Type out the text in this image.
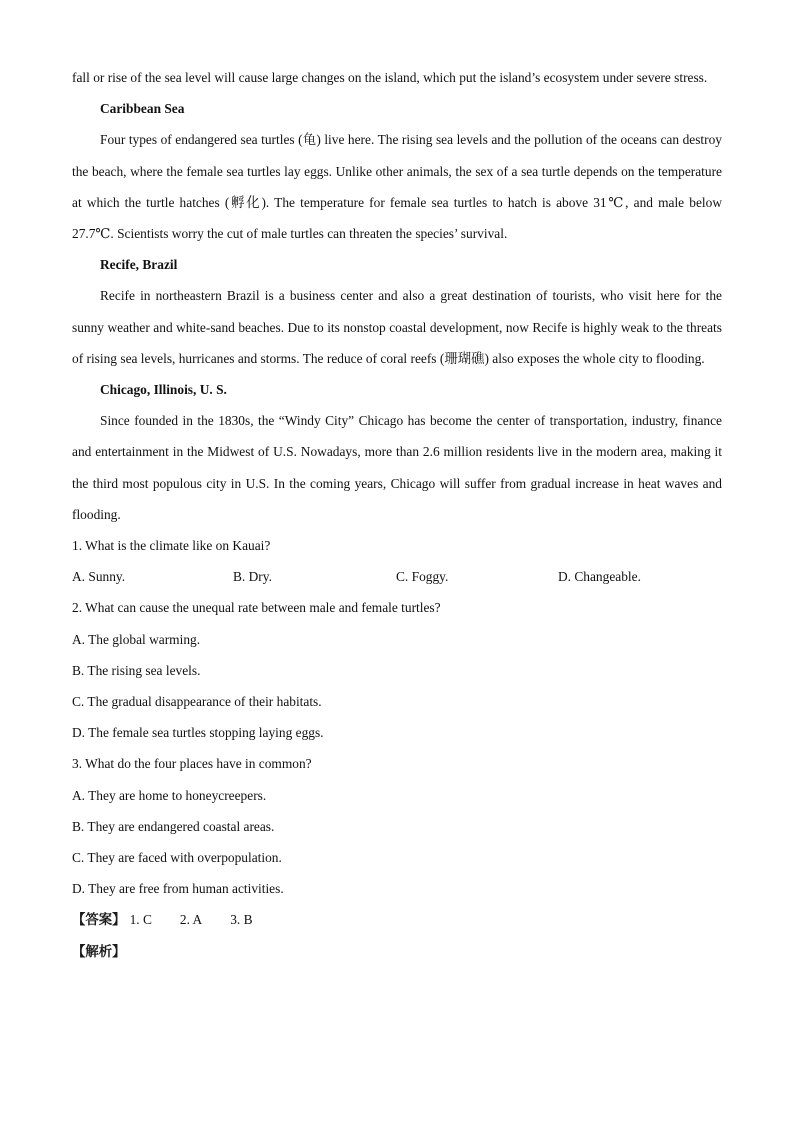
fall or rise of the sea level will cause large changes on the island, which put the island’s ecosystem under severe stress.

Caribbean Sea

Four types of endangered sea turtles (龟) live here. The rising sea levels and the pollution of the oceans can destroy the beach, where the female sea turtles lay eggs. Unlike other animals, the sex of a sea turtle depends on the temperature at which the turtle hatches (孵化). The temperature for female sea turtles to hatch is above 31℃, and male below 27.7℃. Scientists worry the cut of male turtles can threaten the species’ survival.

Recife, Brazil

Recife in northeastern Brazil is a business center and also a great destination of tourists, who visit here for the sunny weather and white-sand beaches. Due to its nonstop coastal development, now Recife is highly weak to the threats of rising sea levels, hurricanes and storms. The reduce of coral reefs (珊瑚礁) also exposes the whole city to flooding.

Chicago, Illinois, U. S.

Since founded in the 1830s, the “Windy City” Chicago has become the center of transportation, industry, finance and entertainment in the Midwest of U.S. Nowadays, more than 2.6 million residents live in the modern area, making it the third most populous city in U.S. In the coming years, Chicago will suffer from gradual increase in heat waves and flooding.

1. What is the climate like on Kauai?

A. Sunny.	B. Dry.	C. Foggy.	D. Changeable.

2. What can cause the unequal rate between male and female turtles?

A. The global warming.

B. The rising sea levels.

C. The gradual disappearance of their habitats.

D. The female sea turtles stopping laying eggs.

3. What do the four places have in common?

A. They are home to honeycreepers.

B. They are endangered coastal areas.

C. They are faced with overpopulation.

D. They are free from human activities.

【答案】 1. C 2. A 3. B

【解析】
